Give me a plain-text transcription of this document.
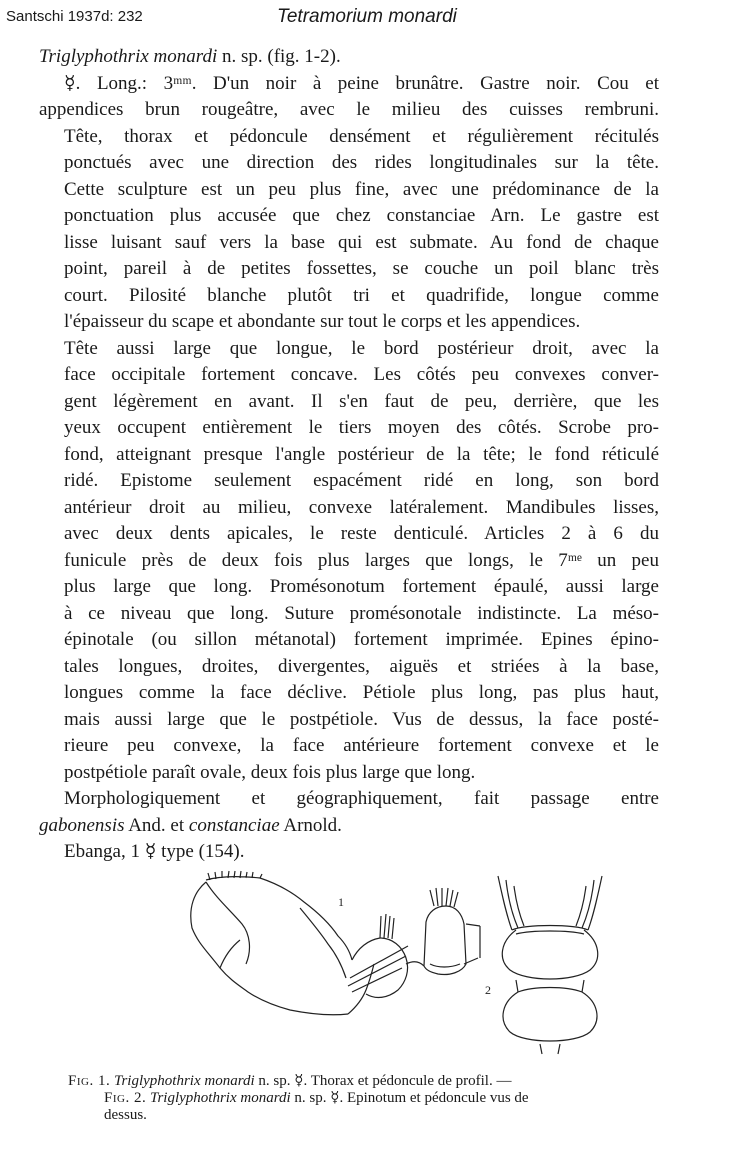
Santschi 1937d: 232	Tetramorium monardi

Triglyphothrix monardi n. sp. (fig. 1-2).

☿. Long.: 3ᵐᵐ. D'un noir à peine brunâtre. Gastre noir. Cou et
appendices brun rougeâtre, avec le milieu des cuisses rembruni.
Tête, thorax et pédoncule densément et régulièrement récitulés
ponctués avec une direction des rides longitudinales sur la tête.
Cette sculpture est un peu plus fine, avec une prédominance de la
ponctuation plus accusée que chez constanciae Arn. Le gastre est
lisse luisant sauf vers la base qui est submate. Au fond de chaque
point, pareil à de petites fossettes, se couche un poil blanc très
court. Pilosité blanche plutôt tri et quadrifide, longue comme
l'épaisseur du scape et abondante sur tout le corps et les appendices.

Tête aussi large que longue, le bord postérieur droit, avec la
face occipitale fortement concave. Les côtés peu convexes conver-
gent légèrement en avant. Il s'en faut de peu, derrière, que les
yeux occupent entièrement le tiers moyen des côtés. Scrobe pro-
fond, atteignant presque l'angle postérieur de la tête; le fond réticulé
ridé. Epistome seulement espacément ridé en long, son bord
antérieur droit au milieu, convexe latéralement. Mandibules lisses,
avec deux dents apicales, le reste denticulé. Articles 2 à 6 du
funicule près de deux fois plus larges que longs, le 7ᵐᵉ un peu
plus large que long. Promésonotum fortement épaulé, aussi large
à ce niveau que long. Suture promésonotale indistincte. La méso-
épinotale (ou sillon métanotal) fortement imprimée. Epines épino-
tales longues, droites, divergentes, aiguës et striées à la base,
longues comme la face déclive. Pétiole plus long, pas plus haut,
mais aussi large que le postpétiole. Vus de dessus, la face posté-
rieure peu convexe, la face antérieure fortement convexe et le
postpétiole paraît ovale, deux fois plus large que long.

Morphologiquement et géographiquement, fait passage entre
gabonensis And. et constanciae Arnold.

Ebanga, 1 ☿ type (154).

1
2
Fig. 1. Triglyphothrix monardi n. sp. ☿. Thorax et pédoncule de profil. —
Fig. 2. Triglyphothrix monardi n. sp. ☿. Epinotum et pédoncule vus de
dessus.
